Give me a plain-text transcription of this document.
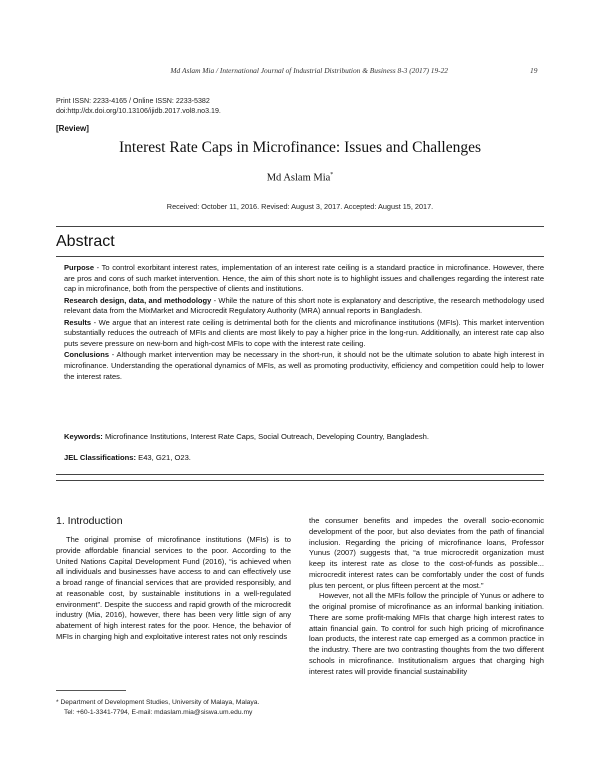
Md Aslam Mia / International Journal of Industrial Distribution & Business 8-3 (2017) 19-22	19
Print ISSN: 2233-4165 / Online ISSN: 2233-5382
doi:http://dx.doi.org/10.13106/ijidb.2017.vol8.no3.19.
[Review]
Interest Rate Caps in Microfinance: Issues and Challenges
Md Aslam Mia*
Received: October 11, 2016. Revised: August 3, 2017. Accepted: August 15, 2017.
Abstract

Purpose - To control exorbitant interest rates, implementation of an interest rate ceiling is a standard practice in microfinance. However, there are pros and cons of such market intervention. Hence, the aim of this short note is to highlight issues and challenges regarding the interest rate cap in microfinance, both from the perspective of clients and institutions.

Research design, data, and methodology - While the nature of this short note is explanatory and descriptive, the research methodology used relevant data from the MixMarket and Microcredit Regulatory Authority (MRA) annual reports in Bangladesh.

Results - We argue that an interest rate ceiling is detrimental both for the clients and microfinance institutions (MFIs). This market intervention substantially reduces the outreach of MFIs and clients are most likely to pay a higher price in the long-run. Additionally, an interest rate cap also puts severe pressure on new-born and high-cost MFIs to cope with the interest rate ceiling.

Conclusions - Although market intervention may be necessary in the short-run, it should not be the ultimate solution to abate high interest in microfinance. Understanding the operational dynamics of MFIs, as well as promoting productivity, efficiency and competition could help to lower the interest rates.

Keywords: Microfinance Institutions, Interest Rate Caps, Social Outreach, Developing Country, Bangladesh.
JEL Classifications: E43, G21, O23.
1. Introduction

The original promise of microfinance institutions (MFIs) is to provide affordable financial services to the poor. According to the United Nations Capital Development Fund (2016), “is achieved when all individuals and businesses have access to and can effectively use a broad range of financial services that are provided responsibly, and at reasonable cost, by sustainable institutions in a well-regulated environment”. Despite the success and rapid growth of the microcredit industry (Mia, 2016), however, there has been very little sign of any abatement of high interest rates for the poor. Hence, the behavior of MFIs in charging high and exploitative interest rates not only rescinds

the consumer benefits and impedes the overall socio-economic development of the poor, but also deviates from the path of financial inclusion. Regarding the pricing of microfinance loans, Professor Yunus (2007) suggests that, “a true microcredit organization must keep its interest rate as close to the cost-of-funds as possible... microcredit interest rates can be comfortably under the cost of funds plus ten percent, or plus fifteen percent at the most.”

However, not all the MFIs follow the principle of Yunus or adhere to the original promise of microfinance as an informal banking initiation. There are some profit-making MFIs that charge high interest rates to attain financial gain. To control for such high pricing of microfinance loan products, the interest rate cap emerged as a common practice in the industry. There are two contrasting thoughts from the two different schools in microfinance. Institutionalism argues that charging high interest rates will provide financial sustainability

* Department of Development Studies, University of Malaya, Malaya.
Tel: +60-1-3341-7794, E-mail: mdaslam.mia@siswa.um.edu.my
